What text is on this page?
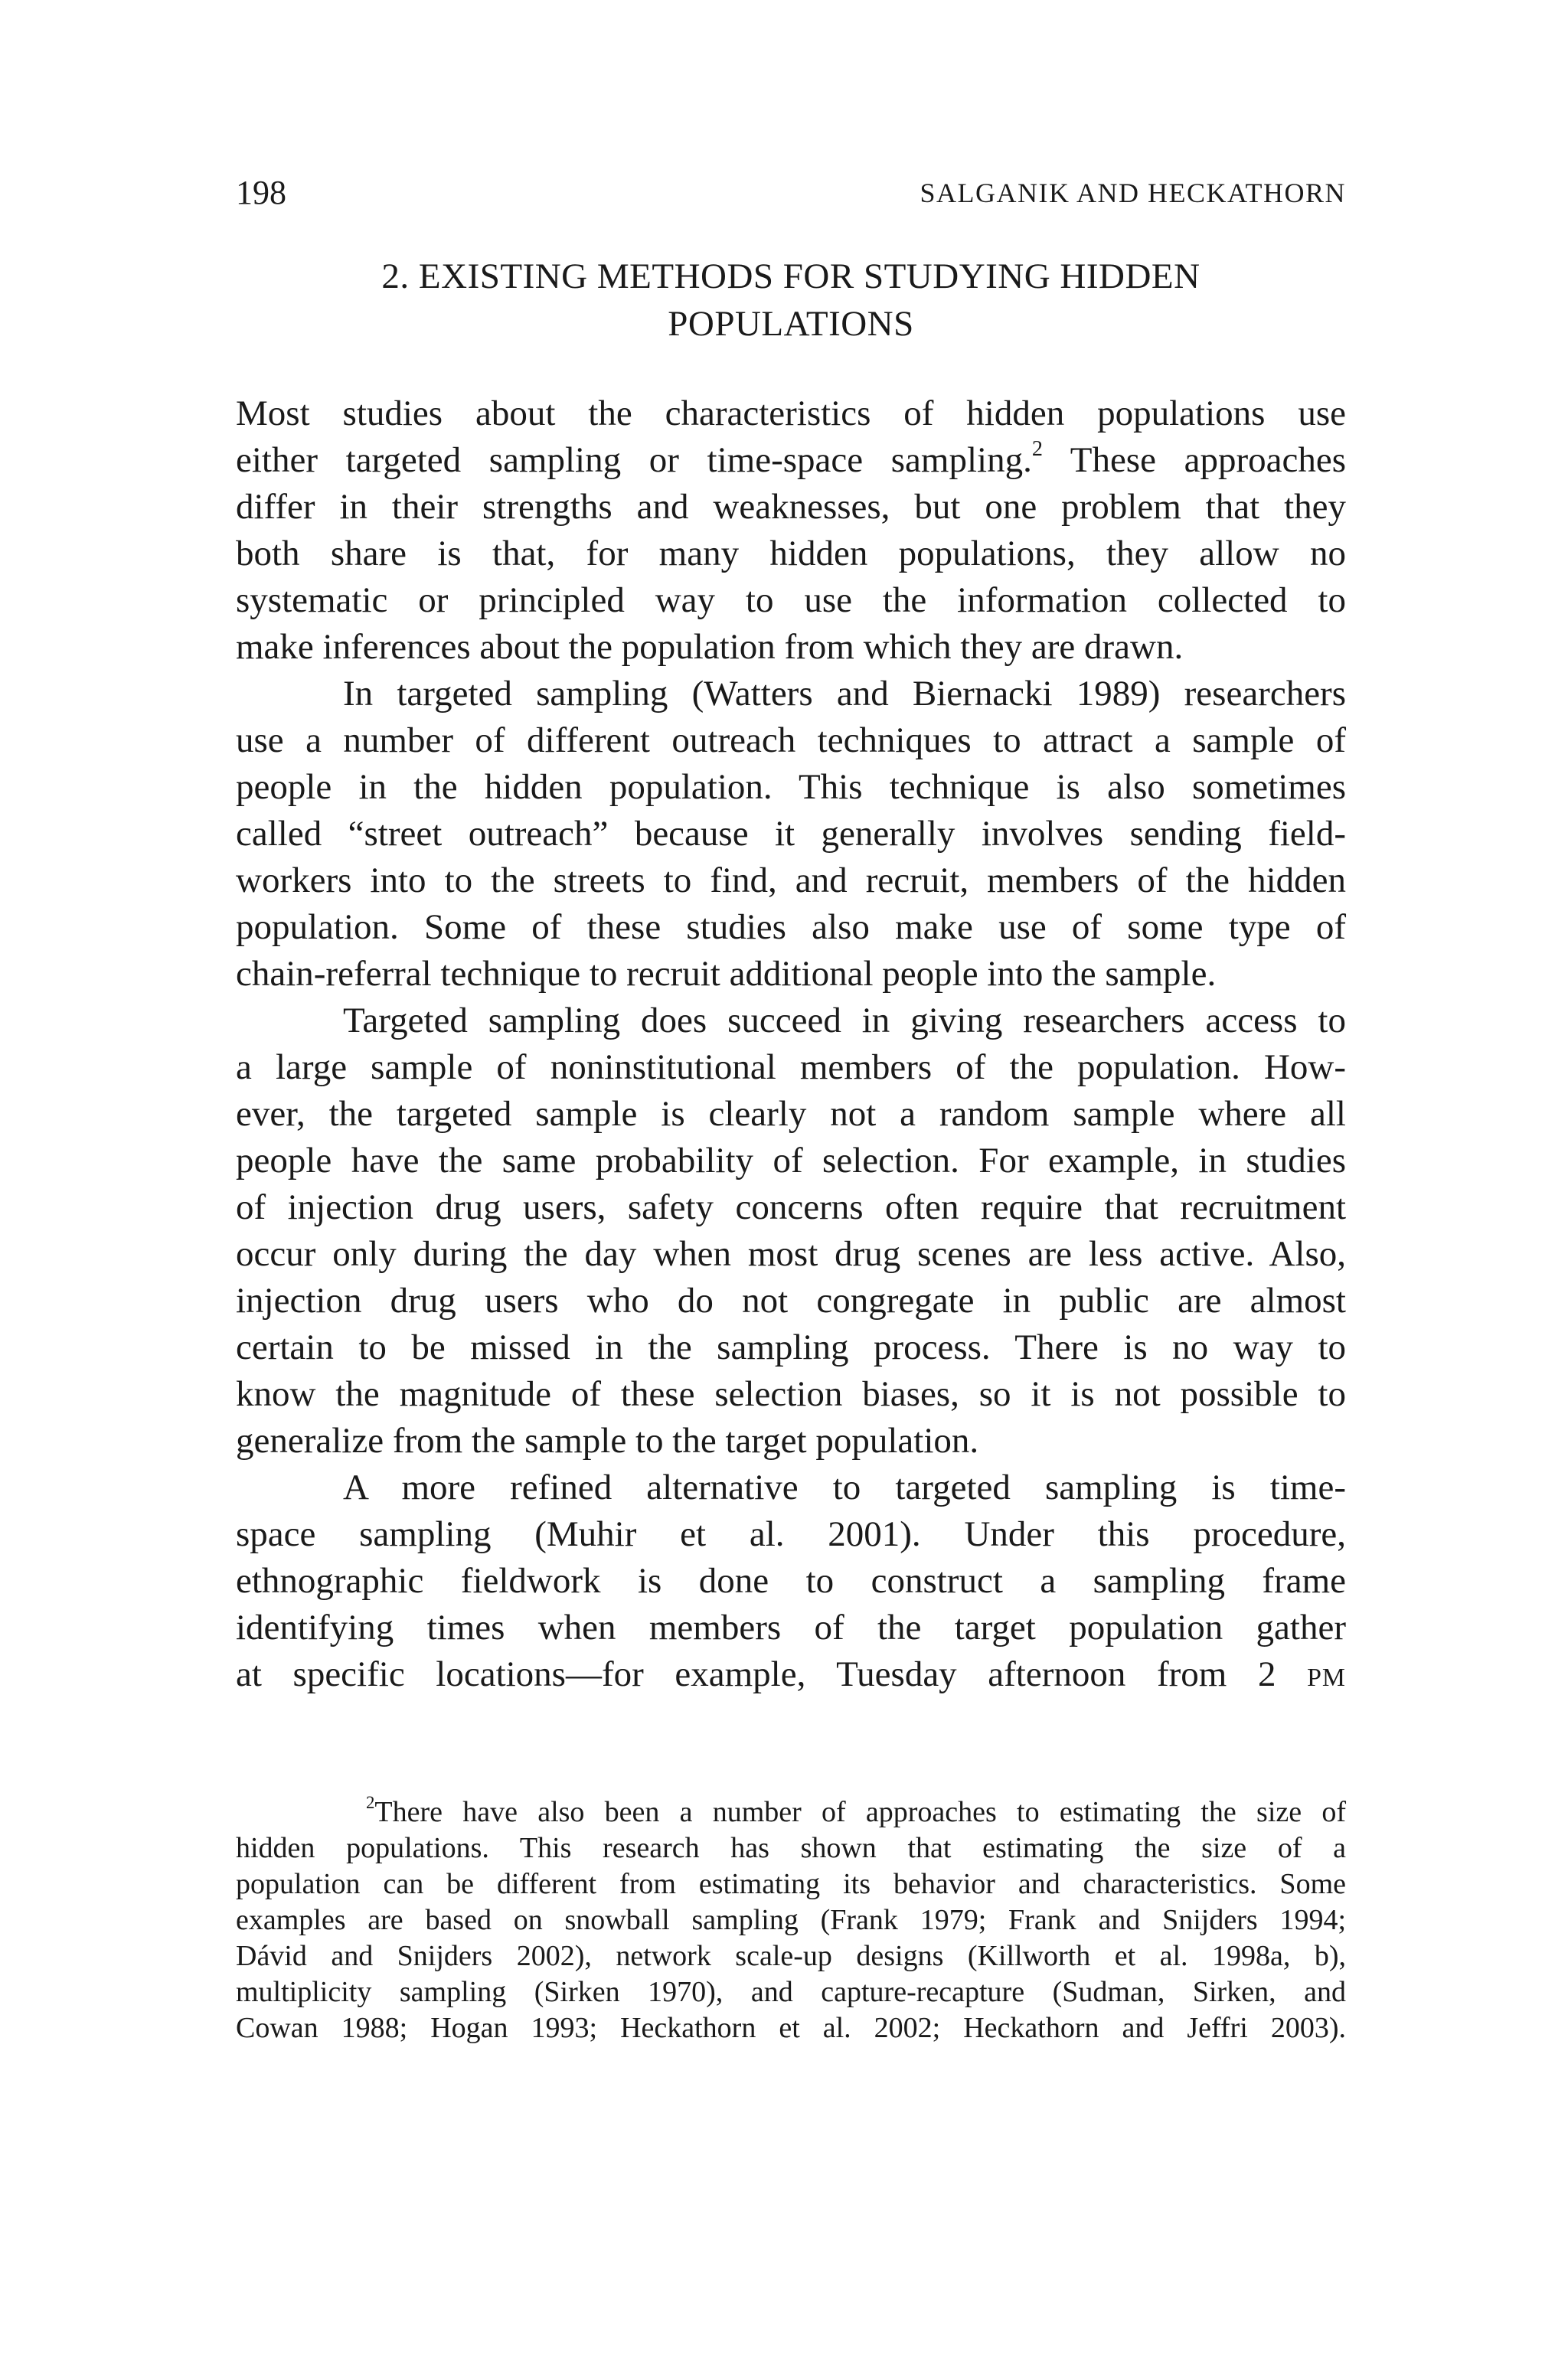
198	SALGANIK AND HECKATHORN
2. EXISTING METHODS FOR STUDYING HIDDEN
POPULATIONS
Most studies about the characteristics of hidden populations use
either targeted sampling or time-space sampling.$^2$ These approaches
differ in their strengths and weaknesses, but one problem that they
both share is that, for many hidden populations, they allow no
systematic or principled way to use the information collected to
make inferences about the population from which they are drawn.
In targeted sampling (Watters and Biernacki 1989) researchers
use a number of different outreach techniques to attract a sample of
people in the hidden population. This technique is also sometimes
called “street outreach” because it generally involves sending field-
workers into to the streets to find, and recruit, members of the hidden
population. Some of these studies also make use of some type of
chain-referral technique to recruit additional people into the sample.
Targeted sampling does succeed in giving researchers access to
a large sample of noninstitutional members of the population. How-
ever, the targeted sample is clearly not a random sample where all
people have the same probability of selection. For example, in studies
of injection drug users, safety concerns often require that recruitment
occur only during the day when most drug scenes are less active. Also,
injection drug users who do not congregate in public are almost
certain to be missed in the sampling process. There is no way to
know the magnitude of these selection biases, so it is not possible to
generalize from the sample to the target population.
A more refined alternative to targeted sampling is time-
space sampling (Muhir et al. 2001). Under this procedure,
ethnographic fieldwork is done to construct a sampling frame
identifying times when members of the target population gather
at specific locations—for example, Tuesday afternoon from 2 PM
$^2$There have also been a number of approaches to estimating the size of
hidden populations. This research has shown that estimating the size of a
population can be different from estimating its behavior and characteristics. Some
examples are based on snowball sampling (Frank 1979; Frank and Snijders 1994;
Dávid and Snijders 2002), network scale-up designs (Killworth et al. 1998a, b),
multiplicity sampling (Sirken 1970), and capture-recapture (Sudman, Sirken, and
Cowan 1988; Hogan 1993; Heckathorn et al. 2002; Heckathorn and Jeffri 2003).
